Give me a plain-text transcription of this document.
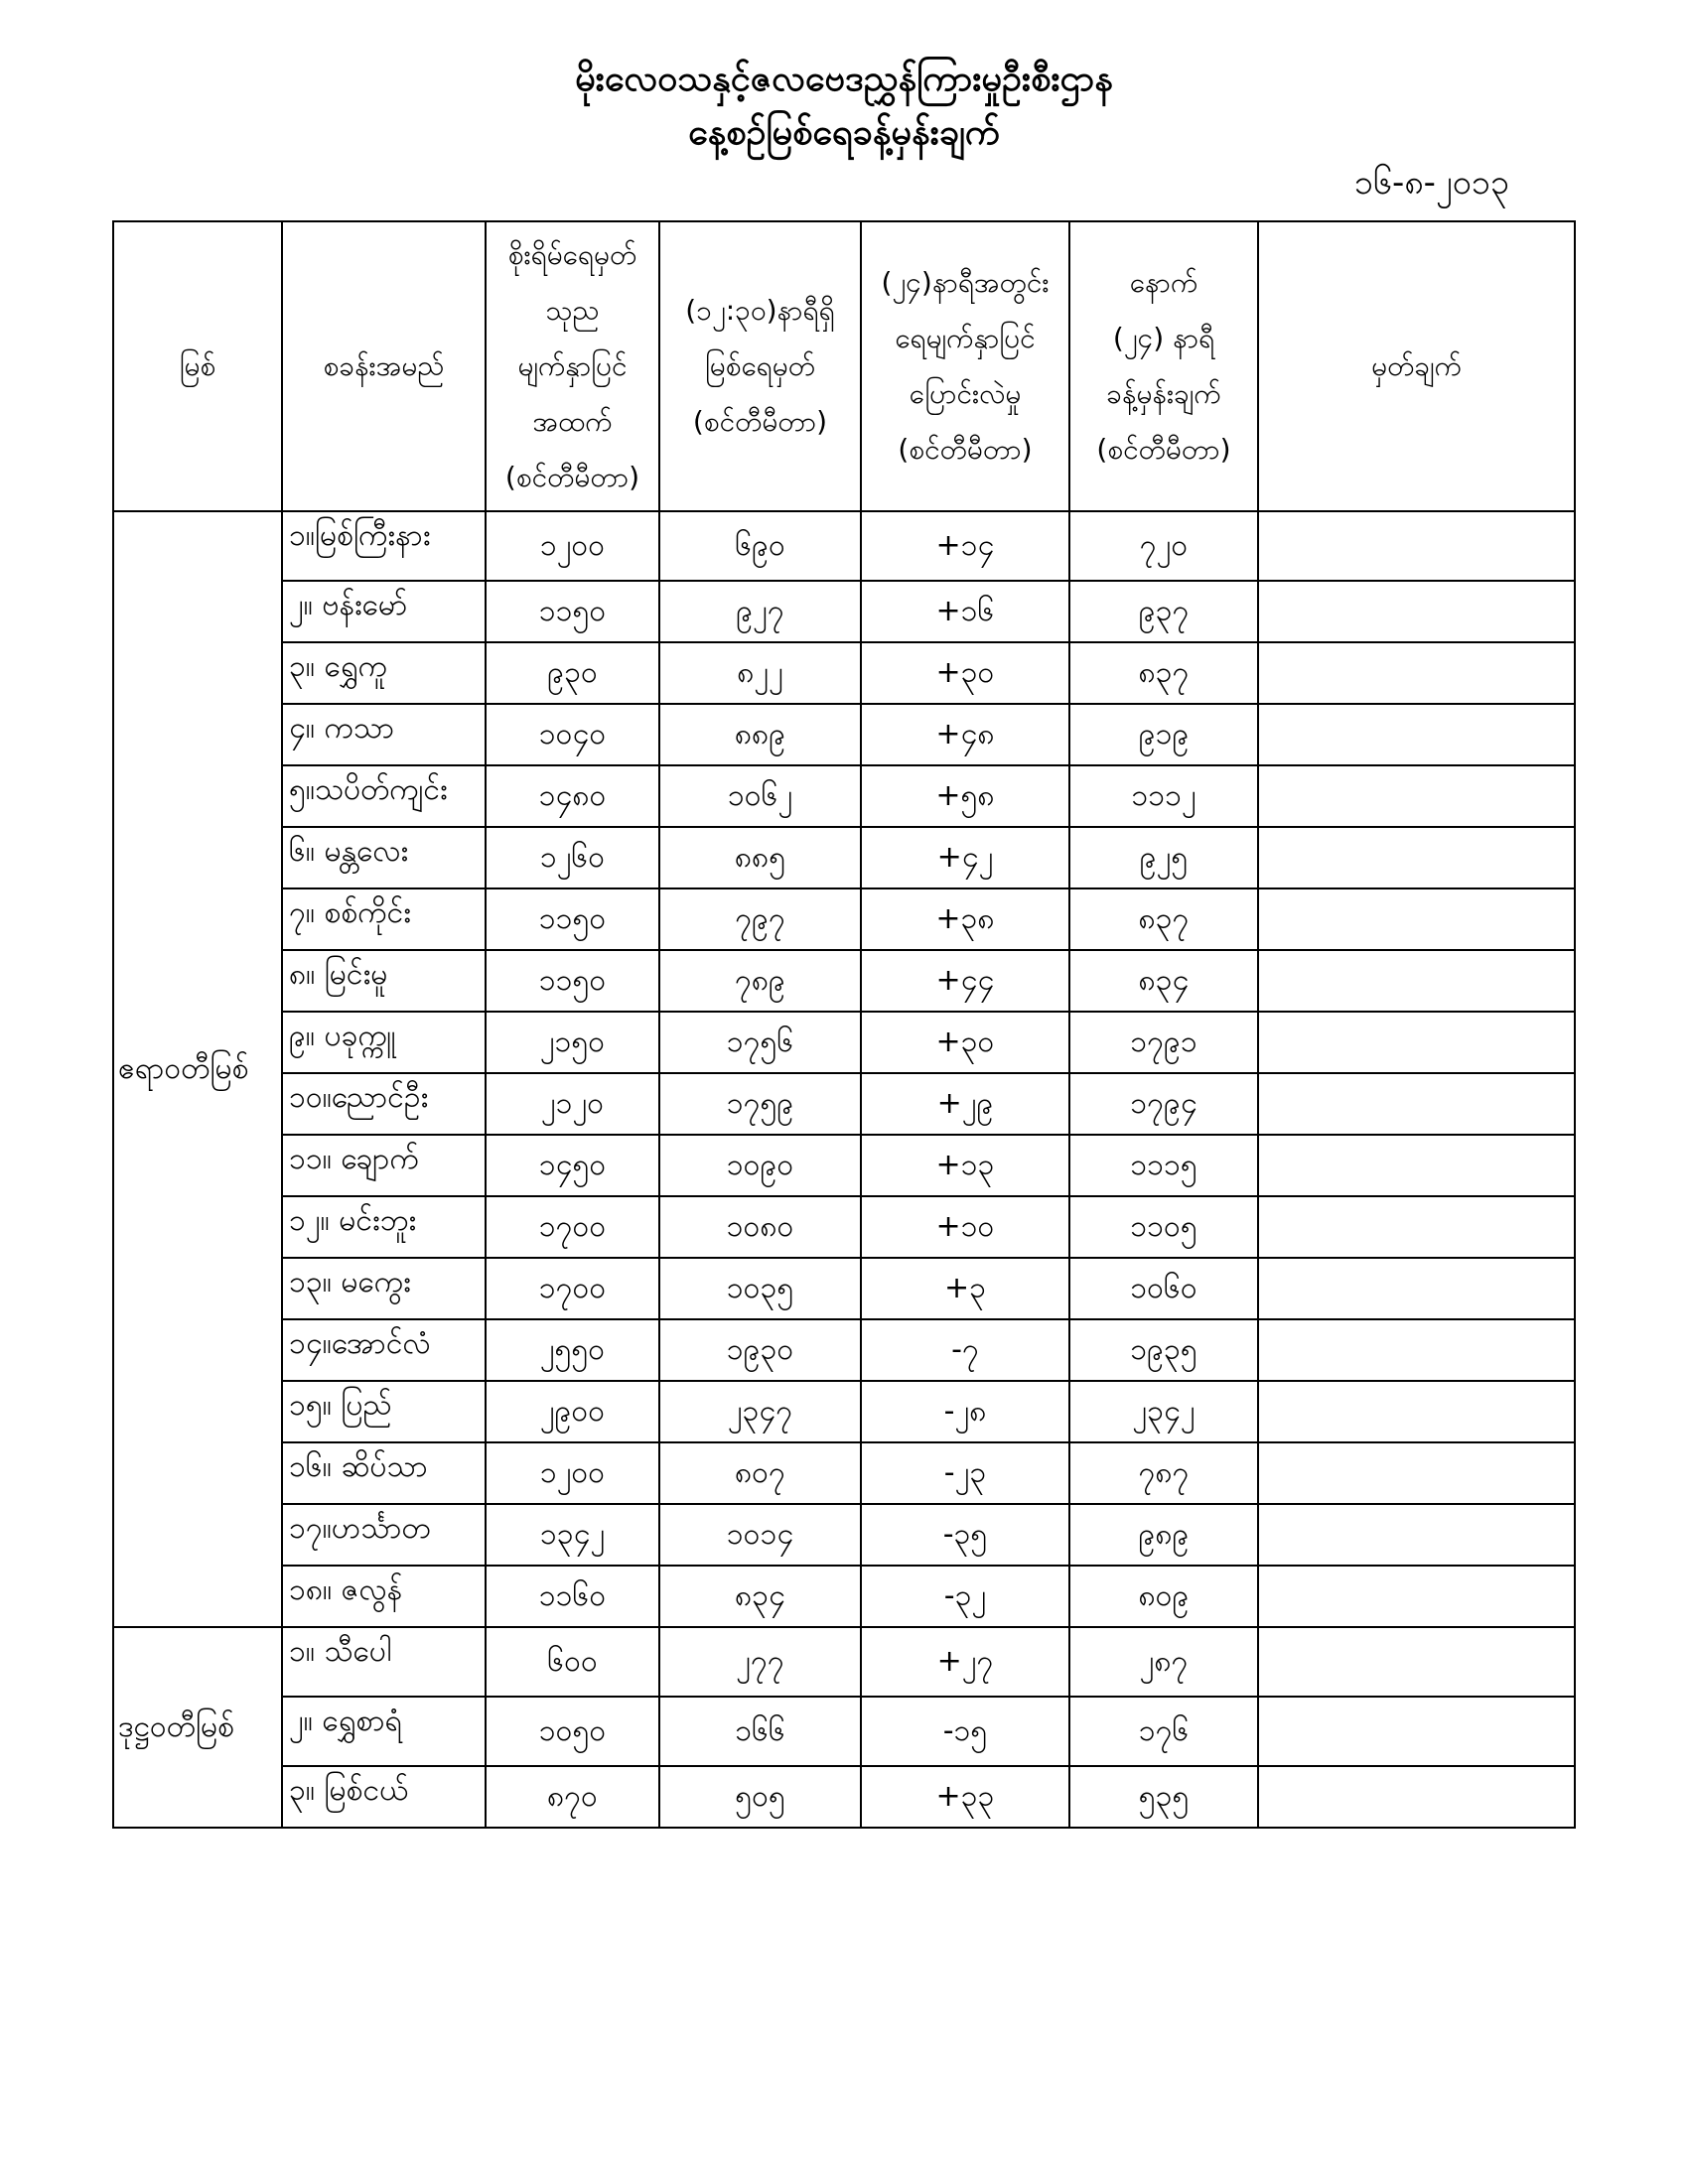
မိုးလေဝသနှင့်ဇလဗေဒညွှန်ကြားမှုဦးစီးဌာန
နေ့စဉ်မြစ်ရေခန့်မှန်းချက်
၁၆-၈-၂၀၁၃
မြစ်	စခန်းအမည်	စိုးရိမ်ရေမှတ်
သုည
မျက်နှာပြင်
အထက်
(စင်တီမီတာ)	(၁၂:၃၀)နာရီရှိ
မြစ်ရေမှတ်
(စင်တီမီတာ)	(၂၄)နာရီအတွင်း
ရေမျက်နှာပြင်
ပြောင်းလဲမှု
(စင်တီမီတာ)	နောက်
(၂၄) နာရီ
ခန့်မှန်းချက်
(စင်တီမီတာ)	မှတ်ချက်
ဧရာဝတီမြစ်	၁။မြစ်ကြီးနား	၁၂၀၀	၆၉၀	+၁၄	၇၂၀	
	၂။ ဗန်းမော်	၁၁၅၀	၉၂၇	+၁၆	၉၃၇	
	၃။ ရွှေကူ	၉၃၀	၈၂၂	+၃၀	၈၃၇	
	၄။ ကသာ	၁၀၄၀	၈၈၉	+၄၈	၉၁၉	
	၅။သပိတ်ကျင်း	၁၄၈၀	၁၀၆၂	+၅၈	၁၁၁၂	
	၆။ မန္တလေး	၁၂၆၀	၈၈၅	+၄၂	၉၂၅	
	၇။ စစ်ကိုင်း	၁၁၅၀	၇၉၇	+၃၈	၈၃၇	
	၈။ မြင်းမူ	၁၁၅၀	၇၈၉	+၄၄	၈၃၄	
	၉။ ပခုက္ကူ	၂၁၅၀	၁၇၅၆	+၃၀	၁၇၉၁	
	၁၀။ညောင်ဦး	၂၁၂၀	၁၇၅၉	+၂၉	၁၇၉၄	
	၁၁။ ချောက်	၁၄၅၀	၁၀၉၀	+၁၃	၁၁၁၅	
	၁၂။ မင်းဘူး	၁၇၀၀	၁၀၈၀	+၁၀	၁၁၀၅	
	၁၃။ မကွေး	၁၇၀၀	၁၀၃၅	+၃	၁၀၆၀	
	၁၄။အောင်လံ	၂၅၅၀	၁၉၃၀	-၇	၁၉၃၅	
	၁၅။ ပြည်	၂၉၀၀	၂၃၄၇	-၂၈	၂၃၄၂	
	၁၆။ ဆိပ်သာ	၁၂၀၀	၈၀၇	-၂၃	၇၈၇	
	၁၇။ဟင်္သာတ	၁၃၄၂	၁၀၁၄	-၃၅	၉၈၉	
	၁၈။ ဇလွန်	၁၁၆၀	၈၃၄	-၃၂	၈၀၉	
ဒုဋ္ဌဝတီမြစ်	၁။ သီပေါ	၆၀၀	၂၇၇	+၂၇	၂၈၇	
	၂။ ရွှေစာရံ	၁၀၅၀	၁၆၆	-၁၅	၁၇၆	
	၃။ မြစ်ငယ်	၈၇၀	၅၀၅	+၃၃	၅၃၅	
